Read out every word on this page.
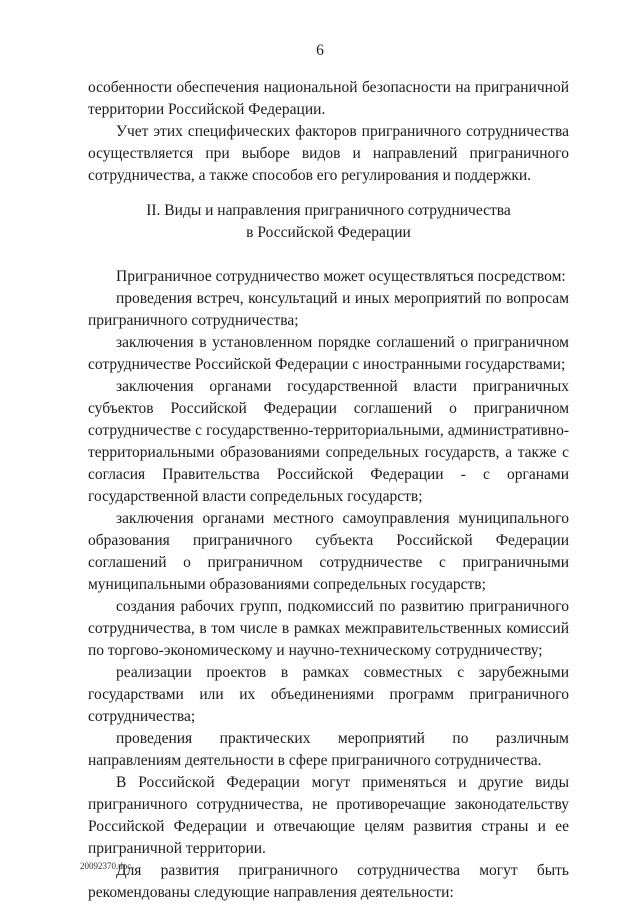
6

особенности обеспечения национальной безопасности на приграничной территории Российской Федерации.

Учет этих специфических факторов приграничного сотрудничества осуществляется при выборе видов и направлений приграничного сотрудничества, а также способов его регулирования и поддержки.

II. Виды и направления приграничного сотрудничества
в Российской Федерации

Приграничное сотрудничество может осуществляться посредством:

проведения встреч, консультаций и иных мероприятий по вопросам приграничного сотрудничества;

заключения в установленном порядке соглашений о приграничном сотрудничестве Российской Федерации с иностранными государствами;

заключения органами государственной власти приграничных субъектов Российской Федерации соглашений о приграничном сотрудничестве с государственно-территориальными, административно-территориальными образованиями сопредельных государств, а также с согласия Правительства Российской Федерации - с органами государственной власти сопредельных государств;

заключения органами местного самоуправления муниципального образования приграничного субъекта Российской Федерации соглашений о приграничном сотрудничестве с приграничными муниципальными образованиями сопредельных государств;

создания рабочих групп, подкомиссий по развитию приграничного сотрудничества, в том числе в рамках межправительственных комиссий по торгово-экономическому и научно-техническому сотрудничеству;

реализации проектов в рамках совместных с зарубежными государствами или их объединениями программ приграничного сотрудничества;

проведения практических мероприятий по различным направлениям деятельности в сфере приграничного сотрудничества.

В Российской Федерации могут применяться и другие виды приграничного сотрудничества, не противоречащие законодательству Российской Федерации и отвечающие целям развития страны и ее приграничной территории.

Для развития приграничного сотрудничества могут быть рекомендованы следующие направления деятельности:

20092370.doc
